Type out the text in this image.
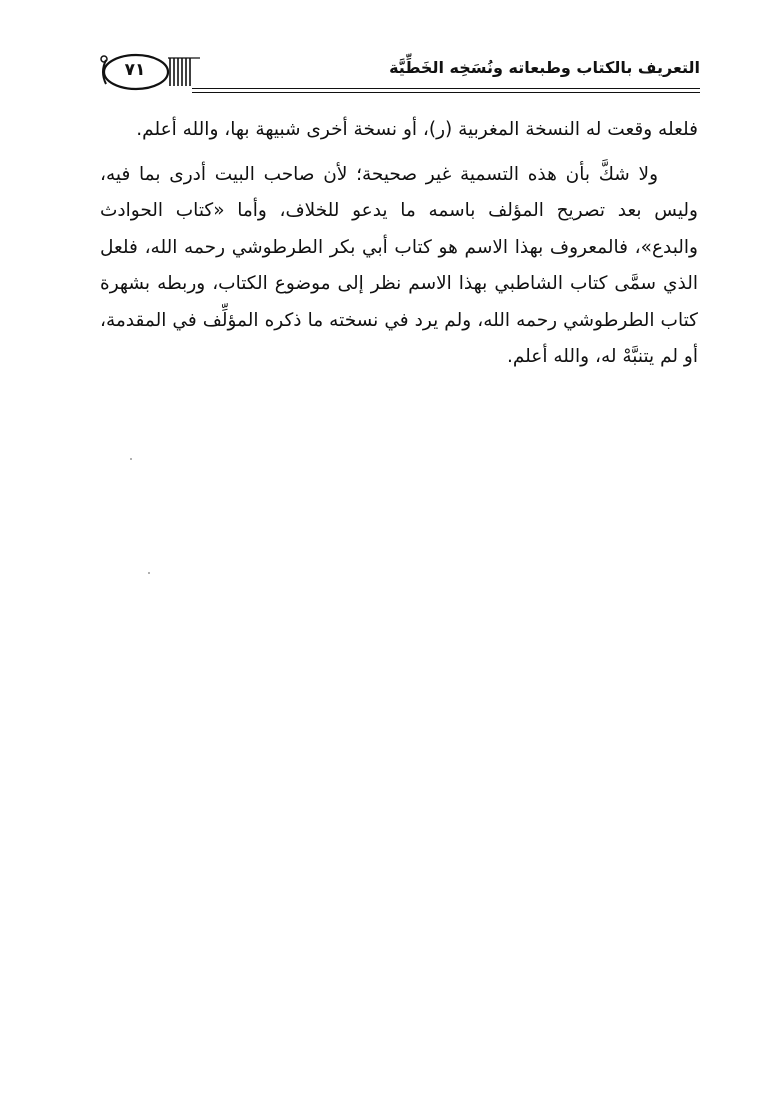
٧١	التعريف بالكتاب وطبعاته ونُسَخِه الخَطِّيَّة

فلعله وقعت له النسخة المغربية (ر)، أو نسخة أخرى شبيهة بها، والله أعلم.

ولا شكَّ بأن هذه التسمية غير صحيحة؛ لأن صاحب البيت أدرى بما فيه، وليس بعد تصريح المؤلف باسمه ما يدعو للخلاف، وأما «كتاب الحوادث والبدع»، فالمعروف بهذا الاسم هو كتاب أبي بكر الطرطوشي رحمه الله، فلعل الذي سمَّى كتاب الشاطبي بهذا الاسم نظر إلى موضوع الكتاب، وربطه بشهرة كتاب الطرطوشي رحمه الله، ولم يرد في نسخته ما ذكره المؤلِّف في المقدمة، أو لم يتنبَّهْ له، والله أعلم.
